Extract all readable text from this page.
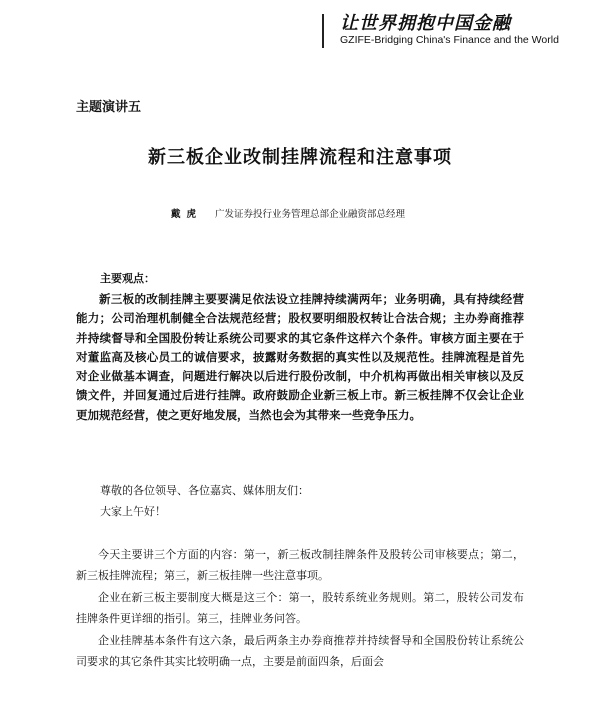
让世界拥抱中国金融
GZIFE-Bridging China's Finance and the World
主题演讲五
新三板企业改制挂牌流程和注意事项
戴虎 广发证券投行业务管理总部企业融资部总经理
主要观点：
新三板的改制挂牌主要要满足依法设立挂牌持续满两年；业务明确，具有持续经营能力；公司治理机制健全合法规范经营；股权要明细股权转让合法合规；主办券商推荐并持续督导和全国股份转让系统公司要求的其它条件这样六个条件。审核方面主要在于对董监高及核心员工的诚信要求，披露财务数据的真实性以及规范性。挂牌流程是首先对企业做基本调查，问题进行解决以后进行股份改制，中介机构再做出相关审核以及反馈文件，并回复通过后进行挂牌。政府鼓励企业新三板上市。新三板挂牌不仅会让企业更加规范经营，使之更好地发展，当然也会为其带来一些竞争压力。
尊敬的各位领导、各位嘉宾、媒体朋友们：
大家上午好！
今天主要讲三个方面的内容：第一，新三板改制挂牌条件及股转公司审核要点；第二，新三板挂牌流程；第三，新三板挂牌一些注意事项。
企业在新三板主要制度大概是这三个：第一，股转系统业务规则。第二，股转公司发布挂牌条件更详细的指引。第三，挂牌业务问答。
企业挂牌基本条件有这六条，最后两条主办券商推荐并持续督导和全国股份转让系统公司要求的其它条件其实比较明确一点，主要是前面四条，后面会
